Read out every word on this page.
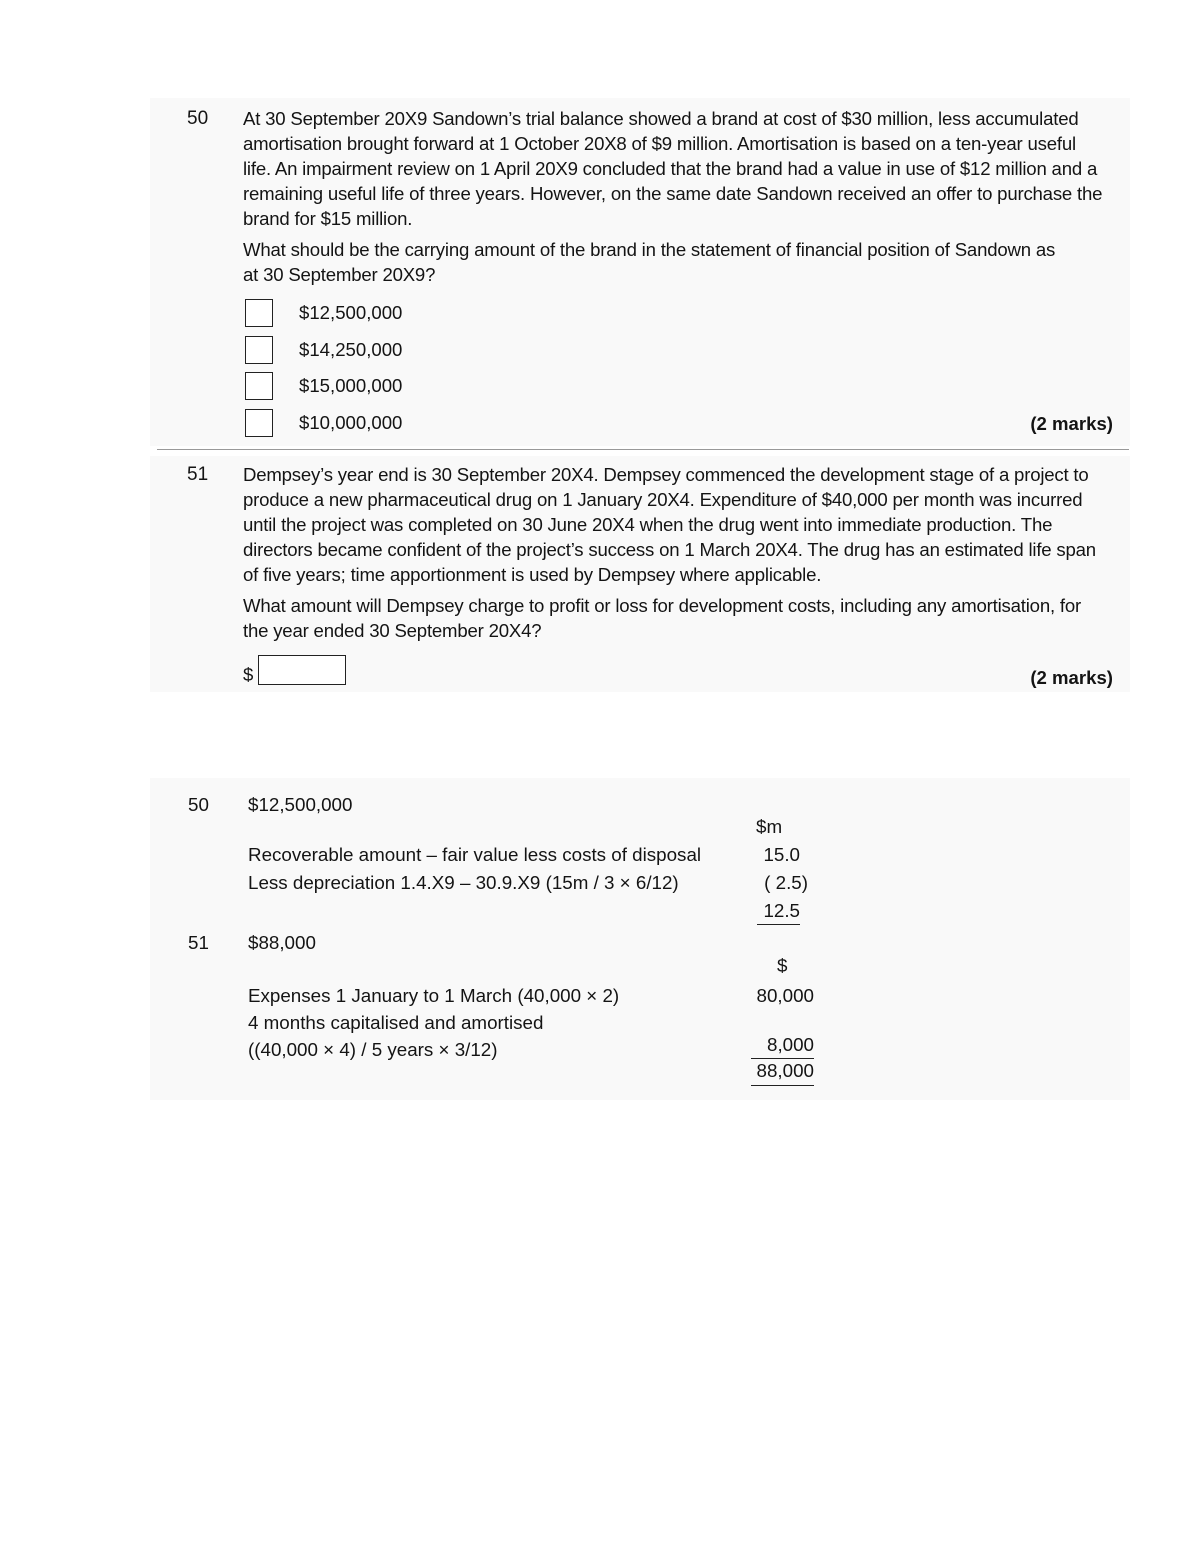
50 At 30 September 20X9 Sandown’s trial balance showed a brand at cost of $30 million, less accumulated amortisation brought forward at 1 October 20X8 of $9 million. Amortisation is based on a ten-year useful life. An impairment review on 1 April 20X9 concluded that the brand had a value in use of $12 million and a remaining useful life of three years. However, on the same date Sandown received an offer to purchase the brand for $15 million.
What should be the carrying amount of the brand in the statement of financial position of Sandown as at 30 September 20X9?
$12,500,000
$14,250,000
$15,000,000
$10,000,000	(2 marks)
51 Dempsey’s year end is 30 September 20X4. Dempsey commenced the development stage of a project to produce a new pharmaceutical drug on 1 January 20X4. Expenditure of $40,000 per month was incurred until the project was completed on 30 June 20X4 when the drug went into immediate production. The directors became confident of the project’s success on 1 March 20X4. The drug has an estimated life span of five years; time apportionment is used by Dempsey where applicable.
What amount will Dempsey charge to profit or loss for development costs, including any amortisation, for the year ended 30 September 20X4?
$	(2 marks)
50 $12,500,000
$m
Recoverable amount – fair value less costs of disposal	15.0
Less depreciation 1.4.X9 – 30.9.X9 (15m / 3 × 6/12)	( 2.5)
12.5
51 $88,000
$
Expenses 1 January to 1 March (40,000 × 2)	80,000
4 months capitalised and amortised
((40,000 × 4) / 5 years × 3/12)	8,000
88,000
